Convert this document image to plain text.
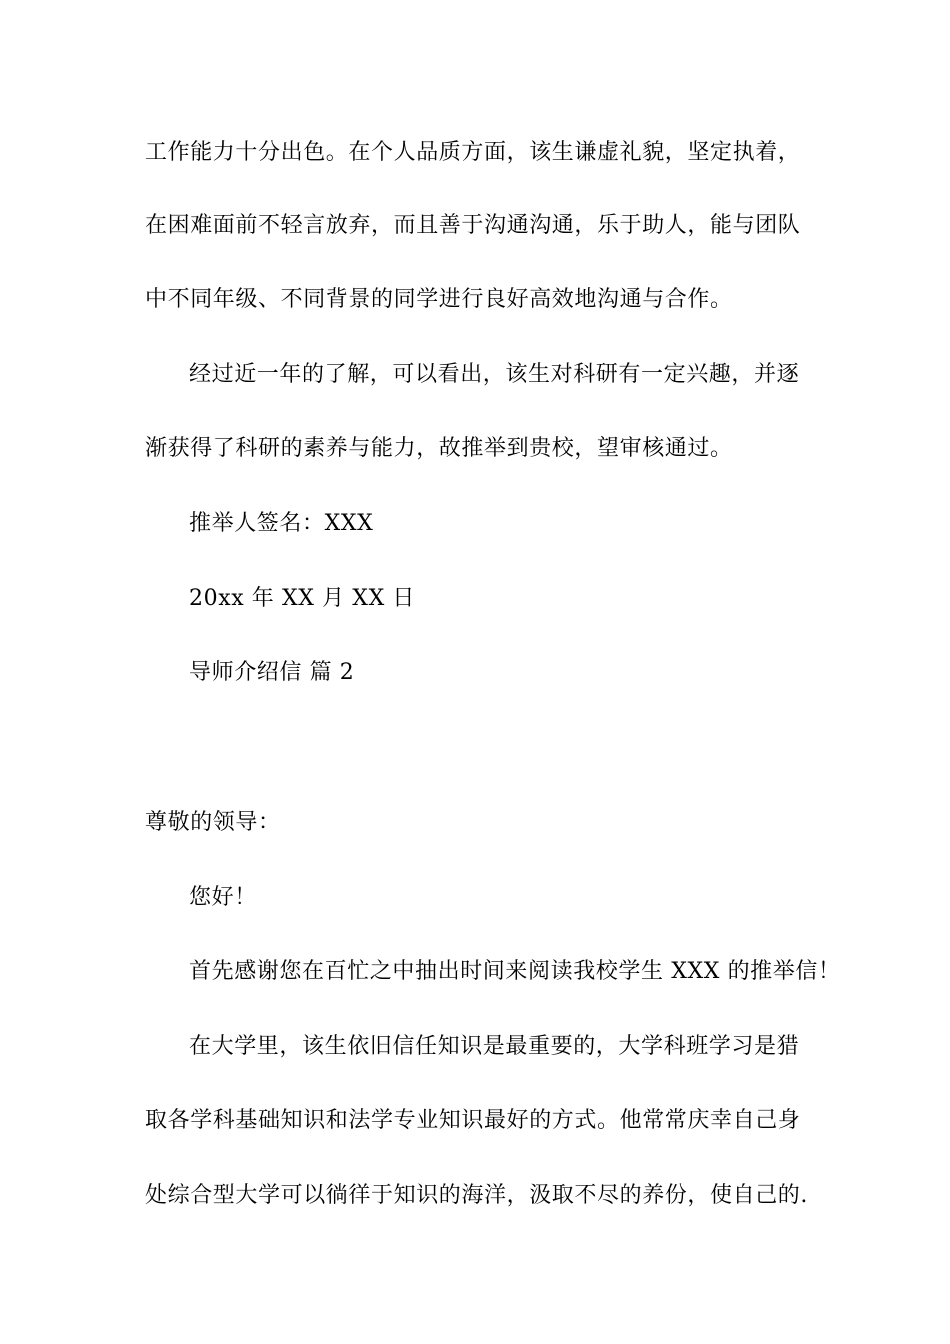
工作能力十分出色。在个人品质方面，该生谦虚礼貌，坚定执着，
在困难面前不轻言放弃，而且善于沟通沟通，乐于助人，能与团队
中不同年级、不同背景的同学进行良好高效地沟通与合作。
经过近一年的了解，可以看出，该生对科研有一定兴趣，并逐
渐获得了科研的素养与能力，故推举到贵校，望审核通过。
推举人签名：XXX
20xx 年 XX 月 XX 日
导师介绍信 篇 2
尊敬的领导：
您好！
首先感谢您在百忙之中抽出时间来阅读我校学生 XXX 的推举信！
在大学里，该生依旧信任知识是最重要的，大学科班学习是猎
取各学科基础知识和法学专业知识最好的方式。他常常庆幸自己身
处综合型大学可以徜徉于知识的海洋，汲取不尽的养份，使自己的.
